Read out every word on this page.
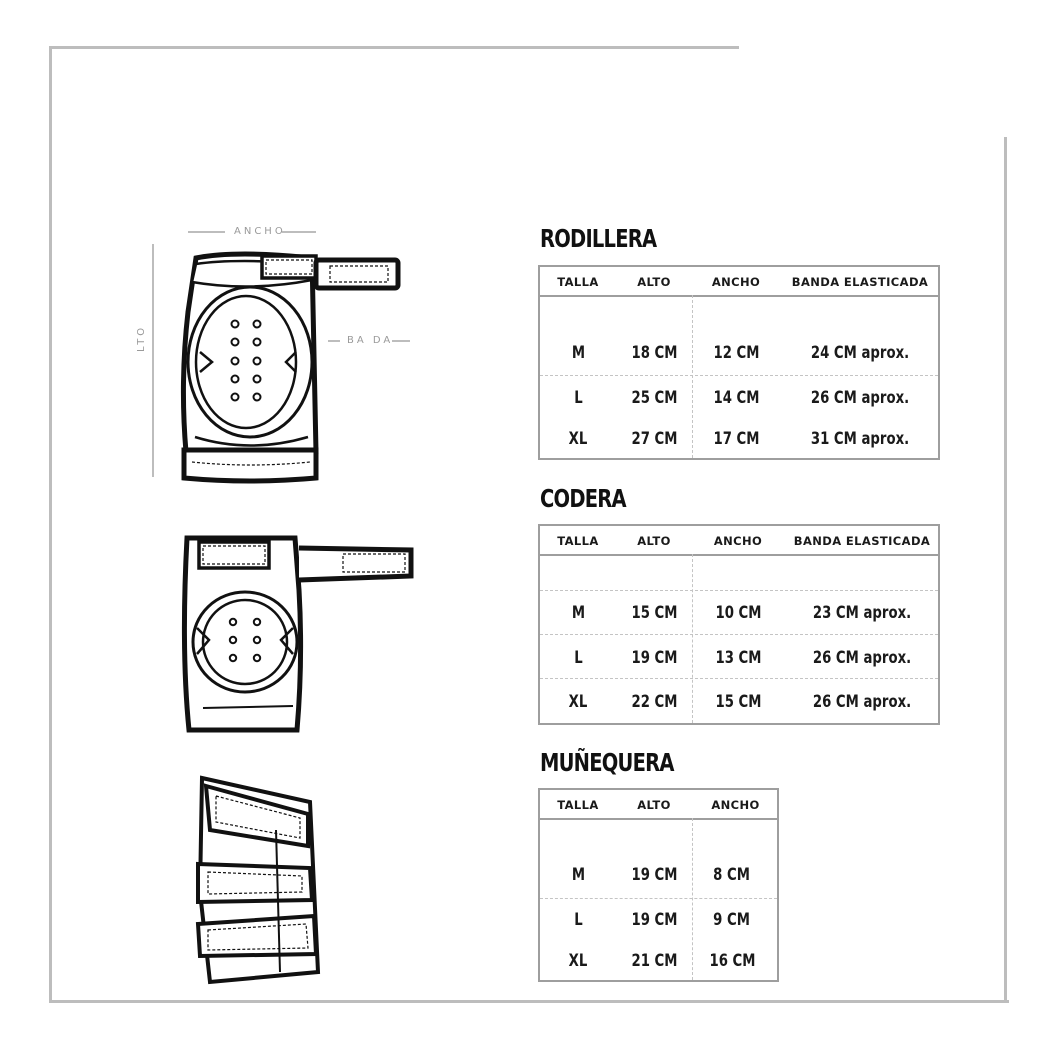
ANCHO
LTO	BA DA
RODILLERA
TALLA	ALTO	ANCHO	BANDA ELASTICADA
M	18 CM	12 CM	24 CM aprox.
L	25 CM	14 CM	26 CM aprox.
XL	27 CM	17 CM	31 CM aprox.
CODERA
TALLA	ALTO	ANCHO	BANDA ELASTICADA
M	15 CM	10 CM	23 CM aprox.
L	19 CM	13 CM	26 CM aprox.
XL	22 CM	15 CM	26 CM aprox.
MUÑEQUERA
TALLA	ALTO	ANCHO
M	19 CM	8 CM
L	19 CM	9 CM
XL	21 CM	16 CM
